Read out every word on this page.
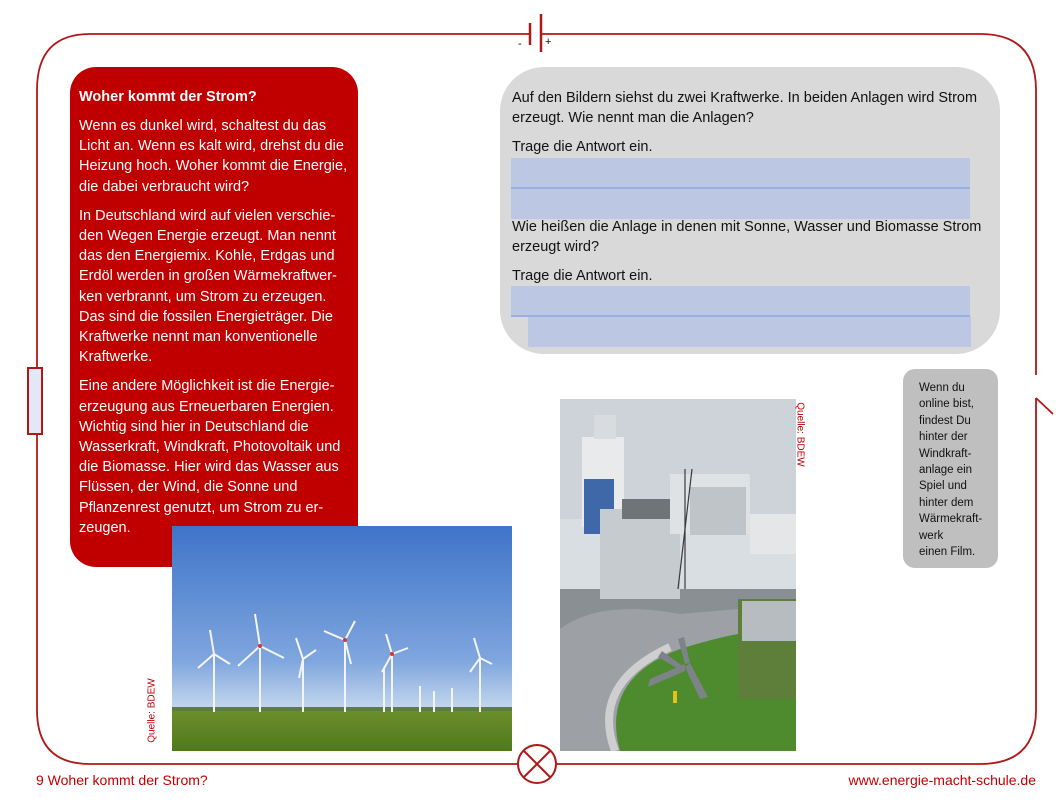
- +
Woher kommt der Strom?

Wenn es dunkel wird, schaltest du das Licht an. Wenn es kalt wird, drehst du die Heizung hoch. Woher kommt die Energie, die dabei verbraucht wird?

In Deutschland wird auf vielen verschie-den Wegen Energie erzeugt. Man nennt das den Energiemix. Kohle, Erdgas und Erdöl werden in großen Wärmekraftwer-ken verbrannt, um Strom zu erzeugen. Das sind die fossilen Energieträger. Die Kraftwerke nennt man konventionelle Kraftwerke.

Eine andere Möglichkeit ist die Energie-erzeugung aus Erneuerbaren Energien. Wichtig sind hier in Deutschland die Wasserkraft, Windkraft, Photovoltaik und die Biomasse. Hier wird das Wasser aus Flüssen, der Wind, die Sonne und Pflanzenrest genutzt, um Strom zu er-zeugen.

Auf den Bildern siehst du zwei Kraftwerke. In beiden Anlagen wird Strom erzeugt. Wie nennt man die Anlagen?

Trage die Antwort ein.

Wie heißen die Anlage in denen mit Sonne, Wasser und Biomasse Strom erzeugt wird?

Trage die Antwort ein.

Wenn du
online bist,
findest Du
hinter der
Windkraft-
anlage ein
Spiel und
hinter dem
Wärmekraft-
werk
einen Film.
Quelle: BDEW
Quelle: BDEW
9 Woher kommt der Strom?	www.energie-macht-schule.de
